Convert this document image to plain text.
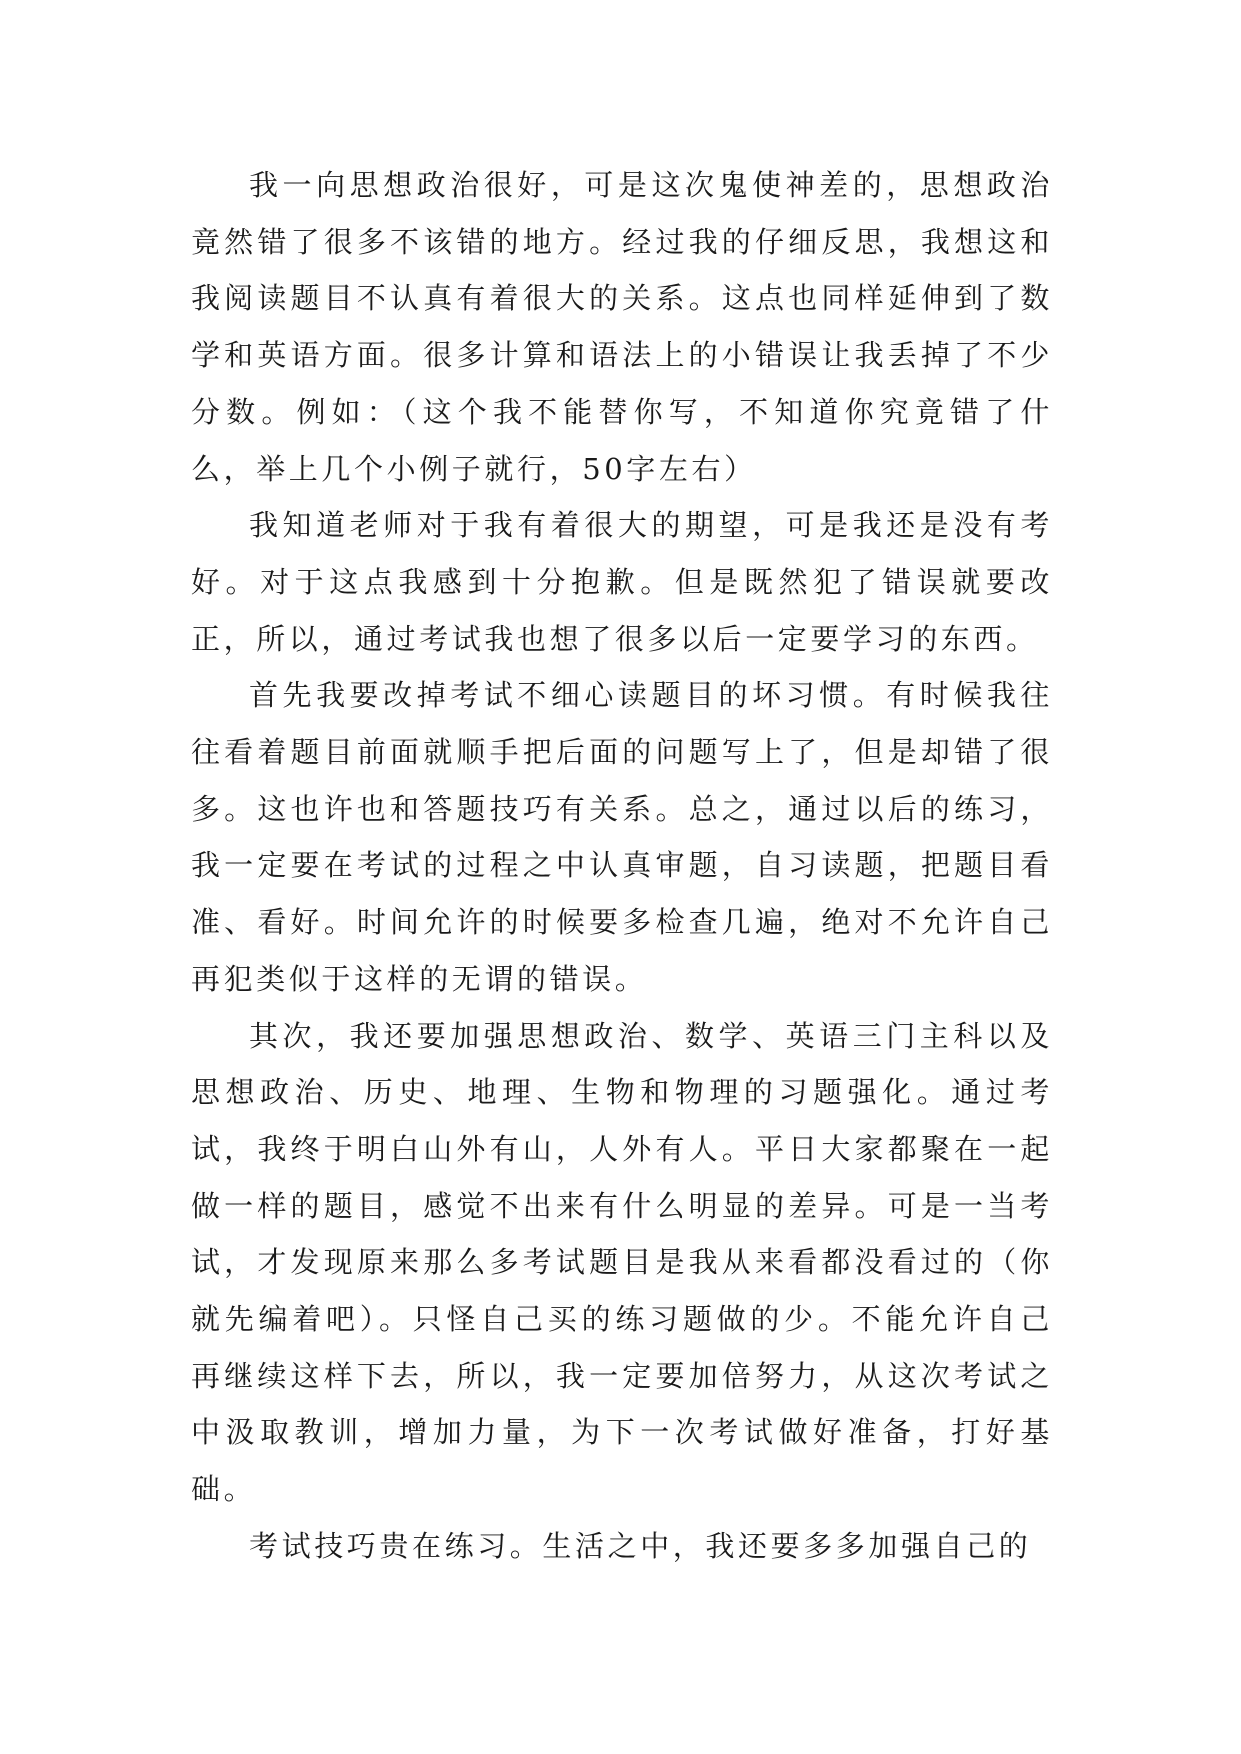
我一向思想政治很好，可是这次鬼使神差的，思想政治竟然错了很多不该错的地方。经过我的仔细反思，我想这和我阅读题目不认真有着很大的关系。这点也同样延伸到了数学和英语方面。很多计算和语法上的小错误让我丢掉了不少分数。例如：（这个我不能替你写，不知道你究竟错了什么，举上几个小例子就行，50字左右）

我知道老师对于我有着很大的期望，可是我还是没有考好。对于这点我感到十分抱歉。但是既然犯了错误就要改正，所以，通过考试我也想了很多以后一定要学习的东西。

首先我要改掉考试不细心读题目的坏习惯。有时候我往往看着题目前面就顺手把后面的问题写上了，但是却错了很多。这也许也和答题技巧有关系。总之，通过以后的练习，我一定要在考试的过程之中认真审题，自习读题，把题目看准、看好。时间允许的时候要多检查几遍，绝对不允许自己再犯类似于这样的无谓的错误。

其次，我还要加强思想政治、数学、英语三门主科以及思想政治、历史、地理、生物和物理的习题强化。通过考试，我终于明白山外有山，人外有人。平日大家都聚在一起做一样的题目，感觉不出来有什么明显的差异。可是一当考试，才发现原来那么多考试题目是我从来看都没看过的（你就先编着吧）。只怪自己买的练习题做的少。不能允许自己再继续这样下去，所以，我一定要加倍努力，从这次考试之中汲取教训，增加力量，为下一次考试做好准备，打好基础。

考试技巧贵在练习。生活之中，我还要多多加强自己的
